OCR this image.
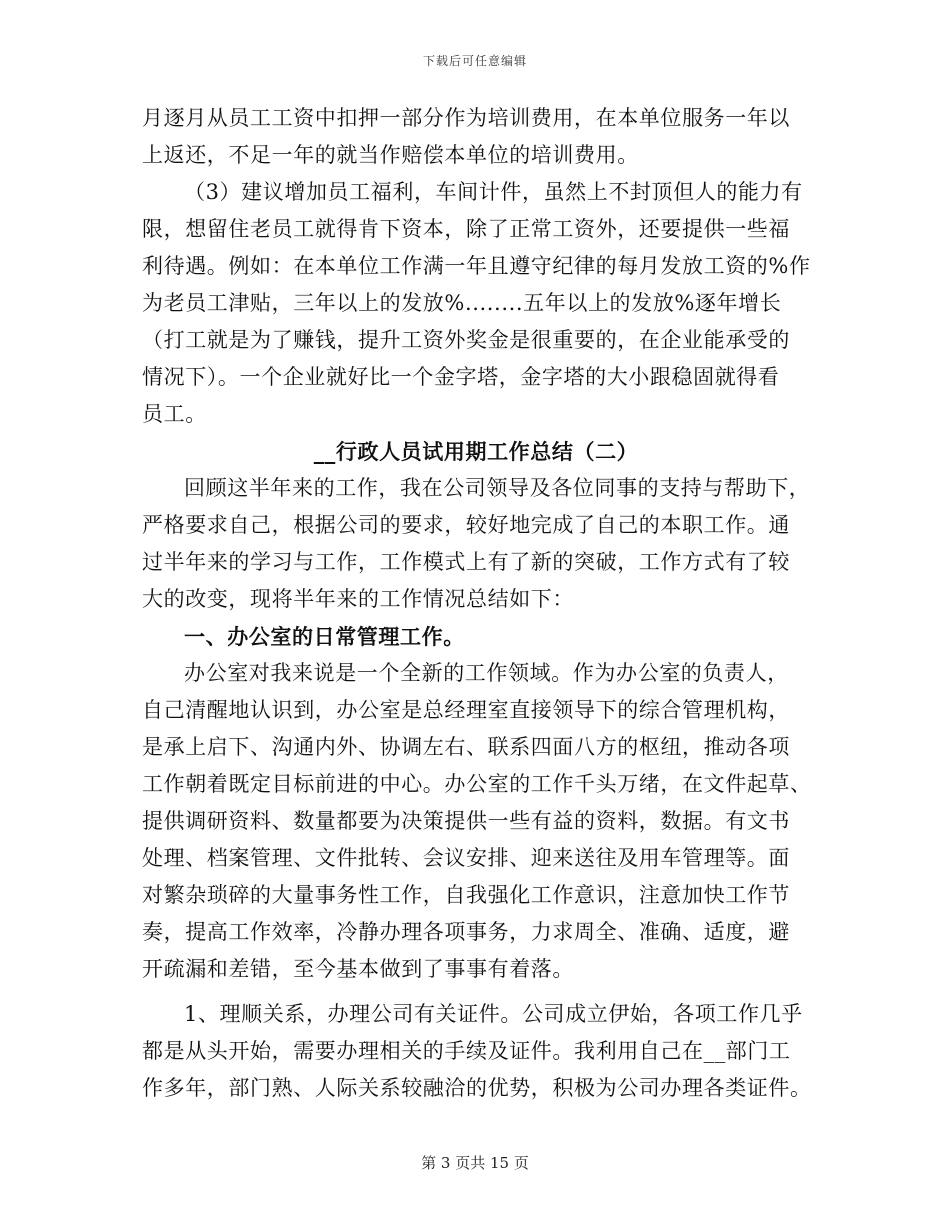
下载后可任意编辑
月逐月从员工工资中扣押一部分作为培训费用，在本单位服务一年以
上返还，不足一年的就当作赔偿本单位的培训费用。
（3）建议增加员工福利，车间计件，虽然上不封顶但人的能力有
限，想留住老员工就得肯下资本，除了正常工资外，还要提供一些福
利待遇。例如：在本单位工作满一年且遵守纪律的每月发放工资的%作
为老员工津贴，三年以上的发放%........五年以上的发放%逐年增长
（打工就是为了赚钱，提升工资外奖金是很重要的，在企业能承受的
情况下）。一个企业就好比一个金字塔，金字塔的大小跟稳固就得看
员工。
__行政人员试用期工作总结（二）
回顾这半年来的工作，我在公司领导及各位同事的支持与帮助下，
严格要求自己，根据公司的要求，较好地完成了自己的本职工作。通
过半年来的学习与工作，工作模式上有了新的突破，工作方式有了较
大的改变，现将半年来的工作情况总结如下：
一、办公室的日常管理工作。
办公室对我来说是一个全新的工作领域。作为办公室的负责人，
自己清醒地认识到，办公室是总经理室直接领导下的综合管理机构，
是承上启下、沟通内外、协调左右、联系四面八方的枢纽，推动各项
工作朝着既定目标前进的中心。办公室的工作千头万绪，在文件起草、
提供调研资料、数量都要为决策提供一些有益的资料，数据。有文书
处理、档案管理、文件批转、会议安排、迎来送往及用车管理等。面
对繁杂琐碎的大量事务性工作，自我强化工作意识，注意加快工作节
奏，提高工作效率，冷静办理各项事务，力求周全、准确、适度，避
开疏漏和差错，至今基本做到了事事有着落。
1、理顺关系，办理公司有关证件。公司成立伊始，各项工作几乎
都是从头开始，需要办理相关的手续及证件。我利用自己在__部门工
作多年，部门熟、人际关系较融洽的优势，积极为公司办理各类证件。
第 3 页共 15 页
